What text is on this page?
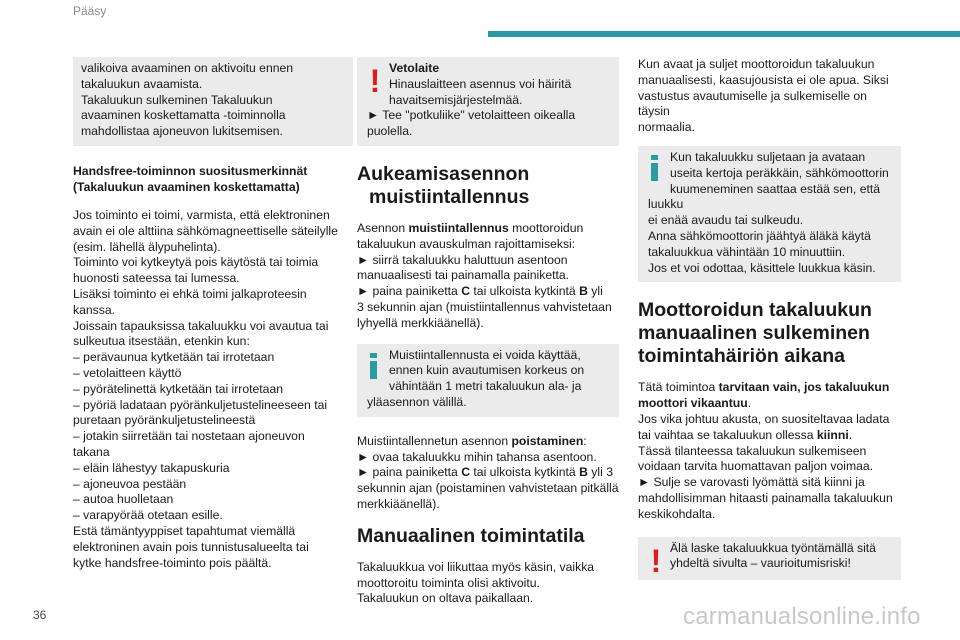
Pääsy
valikoiva avaaminen on aktivoitu ennen
takaluukun avaamista.
Takaluukun sulkeminen Takaluukun
avaaminen koskettamatta -toiminnolla
mahdollistaa ajoneuvon lukitsemisen.
Handsfree-toiminnon suositusmerkinnät
(Takaluukun avaaminen koskettamatta)
Jos toiminto ei toimi, varmista, että elektroninen
avain ei ole alttiina sähkömagneettiselle säteilylle
(esim. lähellä älypuhelinta).
Toiminto voi kytkeytyä pois käytöstä tai toimia
huonosti sateessa tai lumessa.
Lisäksi toiminto ei ehkä toimi jalkaproteesin
kanssa.
Joissain tapauksissa takaluukku voi avautua tai
sulkeutua itsestään, etenkin kun:
– perävaunua kytketään tai irrotetaan
– vetolaitteen käyttö
– pyörätelinettä kytketään tai irrotetaan
– pyöriä ladataan pyöränkuljetustelineeseen tai
puretaan pyöränkuljetustelineestä
– jotakin siirretään tai nostetaan ajoneuvon
takana
– eläin lähestyy takapuskuria
– ajoneuvoa pestään
– autoa huolletaan
– varapyörää otetaan esille.
Estä tämäntyyppiset tapahtumat viemällä
elektroninen avain pois tunnistusalueelta tai
kytke handsfree-toiminto pois päältä.
! Vetolaite
Hinauslaitteen asennus voi häiritä
havaitsemisjärjestelmää.
► Tee "potkuliike" vetolaitteen oikealla
puolella.
Aukeamisasennon
muistiintallennus
Asennon muistiintallennus moottoroidun
takaluukun avauskulman rajoittamiseksi:
► siirrä takaluukku haluttuun asentoon
manuaalisesti tai painamalla painiketta.
► paina painiketta C tai ulkoista kytkintä B yli
3 sekunnin ajan (muistiintallennus vahvistetaan
lyhyellä merkkiäänellä).
Muistiintallennusta ei voida käyttää,
ennen kuin avautumisen korkeus on
vähintään 1 metri takaluukun ala- ja
yläasennon välillä.
Muistiintallennetun asennon poistaminen:
► ovaa takaluukku mihin tahansa asentoon.
► paina painiketta C tai ulkoista kytkintä B yli 3
sekunnin ajan (poistaminen vahvistetaan pitkällä
merkkiäänellä).
Manuaalinen toimintatila
Takaluukkua voi liikuttaa myös käsin, vaikka
moottoroitu toiminta olisi aktivoitu.
Takaluukun on oltava paikallaan.
Kun avaat ja suljet moottoroidun takaluukun
manuaalisesti, kaasujousista ei ole apua. Siksi
vastustus avautumiselle ja sulkemiselle on täysin
normaalia.
Kun takaluukku suljetaan ja avataan
useita kertoja peräkkäin, sähkömoottorin
kuumeneminen saattaa estää sen, että luukku
ei enää avaudu tai sulkeudu.
Anna sähkömoottorin jäähtyä äläkä käytä
takaluukkua vähintään 10 minuuttiin.
Jos et voi odottaa, käsittele luukkua käsin.
Moottoroidun takaluukun
manuaalinen sulkeminen
toimintahäiriön aikana
Tätä toimintoa tarvitaan vain, jos takaluukun
moottori vikaantuu.
Jos vika johtuu akusta, on suositeltavaa ladata
tai vaihtaa se takaluukun ollessa kiinni.
Tässä tilanteessa takaluukun sulkemiseen
voidaan tarvita huomattavan paljon voimaa.
► Sulje se varovasti lyömättä sitä kiinni ja
mahdollisimman hitaasti painamalla takaluukun
keskikohdalta.
! Älä laske takaluukkua työntämällä sitä
yhdeltä sivulta – vaurioitumisriski!
36	carmanualsonline.info
